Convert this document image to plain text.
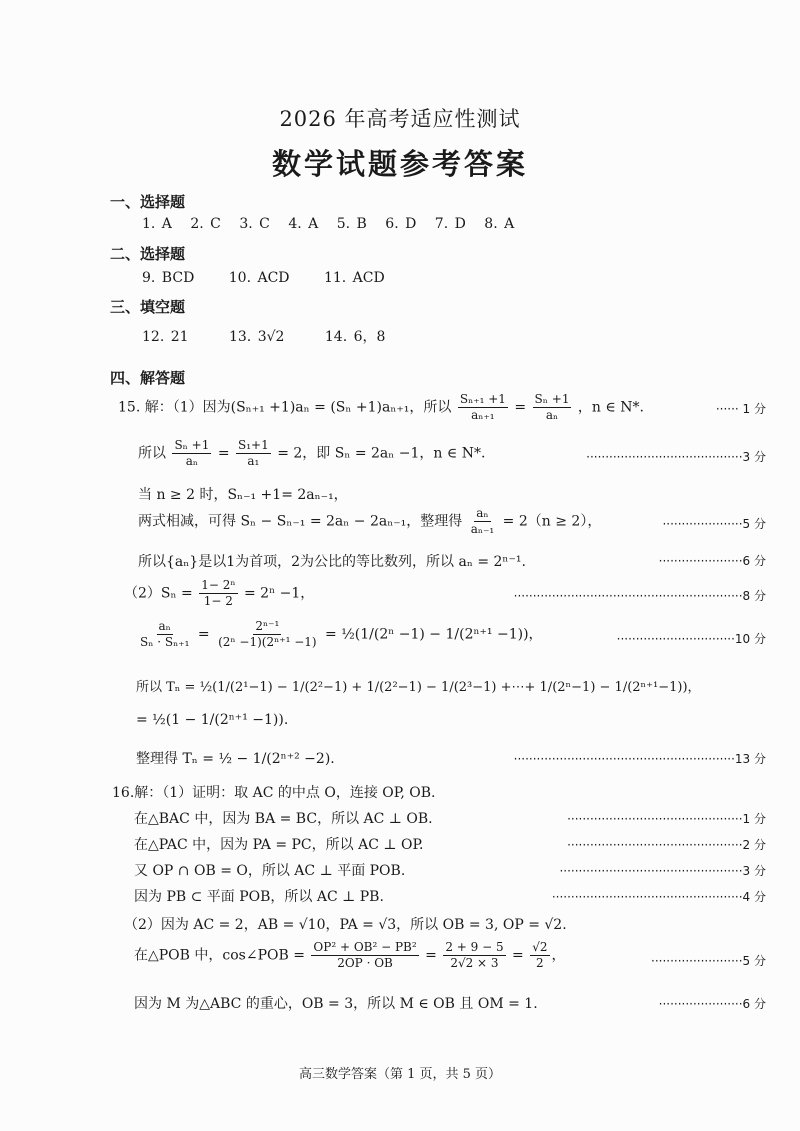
2026 年高考适应性测试
数学试题参考答案
一、选择题
1. A 2. C 3. C 4. A 5. B 6. D 7. D 8. A
二、选择题
9. BCD 10. ACD 11. ACD
三、填空题
12. 21	13. 3√2	14. 6，8
四、解答题
15. 解：（1）因为(Sₙ₊₁ +1)aₙ = (Sₙ +1)aₙ₊₁，所以 $\frac{\text{Sₙ₊₁ +1}}{\text{aₙ₊₁}} = \frac{\text{Sₙ +1}}{\text{aₙ}}$ ，n ∈ N*.	······ 1 分
所以 $\frac{\text{Sₙ +1}}{\text{aₙ}} = \frac{\text{S₁+1}}{\text{a₁}} = 2$，即 Sₙ = 2aₙ −1，n ∈ N*.	·········································3 分
当 n ≥ 2 时，Sₙ₋₁ +1= 2aₙ₋₁，
两式相减，可得 Sₙ − Sₙ₋₁ = 2aₙ − 2aₙ₋₁，整理得 $\frac{\text{aₙ}}{\text{aₙ₋₁}} = 2(n \ge 2)$，	·····················5 分
所以{aₙ}是以1为首项，2为公比的等比数列，所以 aₙ = 2ⁿ⁻¹.	······················6 分
$(2)S_n = \frac{\text{1− 2ⁿ}}{1- 2} = 2^n -1$，	····························································8 分
$\frac{\text{aₙ}}{\text{Sₙ · Sₙ₊₁}} = \frac{\text{2ⁿ⁻¹}}{\text{(2ⁿ −1)(2ⁿ⁺¹ −1)}}$ = ½(1/(2ⁿ −1) − 1/(2ⁿ⁺¹ −1))，	·······························10 分
所以 Tₙ = ½(1/(2¹−1) − 1/(2²−1) + 1/(2²−1) − 1/(2³−1) +⋯+ 1/(2ⁿ−1) − 1/(2ⁿ⁺¹−1))，
= ½(1 − 1/(2ⁿ⁺¹ −1)).
整理得 Tₙ = ½ − 1/(2ⁿ⁺² −2).	··························································13 分
16.解：（1）证明：取 AC 的中点 O，连接 OP, OB.
在△BAC 中，因为 BA = BC，所以 AC ⊥ OB.	··············································1 分
在△PAC 中，因为 PA = PC，所以 AC ⊥ OP.	··············································2 分
又 OP ∩ OB = O，所以 AC ⊥ 平面 POB.	················································3 分
因为 PB ⊂ 平面 POB，所以 AC ⊥ PB.	··················································4 分
（2）因为 AC = 2，AB = √10，PA = √3，所以 OB = 3, OP = √2.
在△POB 中，cos∠POB = $\frac{\text{OP² + OB² − PB²}}{2OP \cdot OB} = \frac{2 + 9 - 5}{2√2 \times 3} = \frac{√2}{2}$ ，	························5 分
因为 M 为△ABC 的重心，OB = 3，所以 M ∈ OB 且 OM = 1.	······················6 分
高三数学答案（第 1 页，共 5 页）
